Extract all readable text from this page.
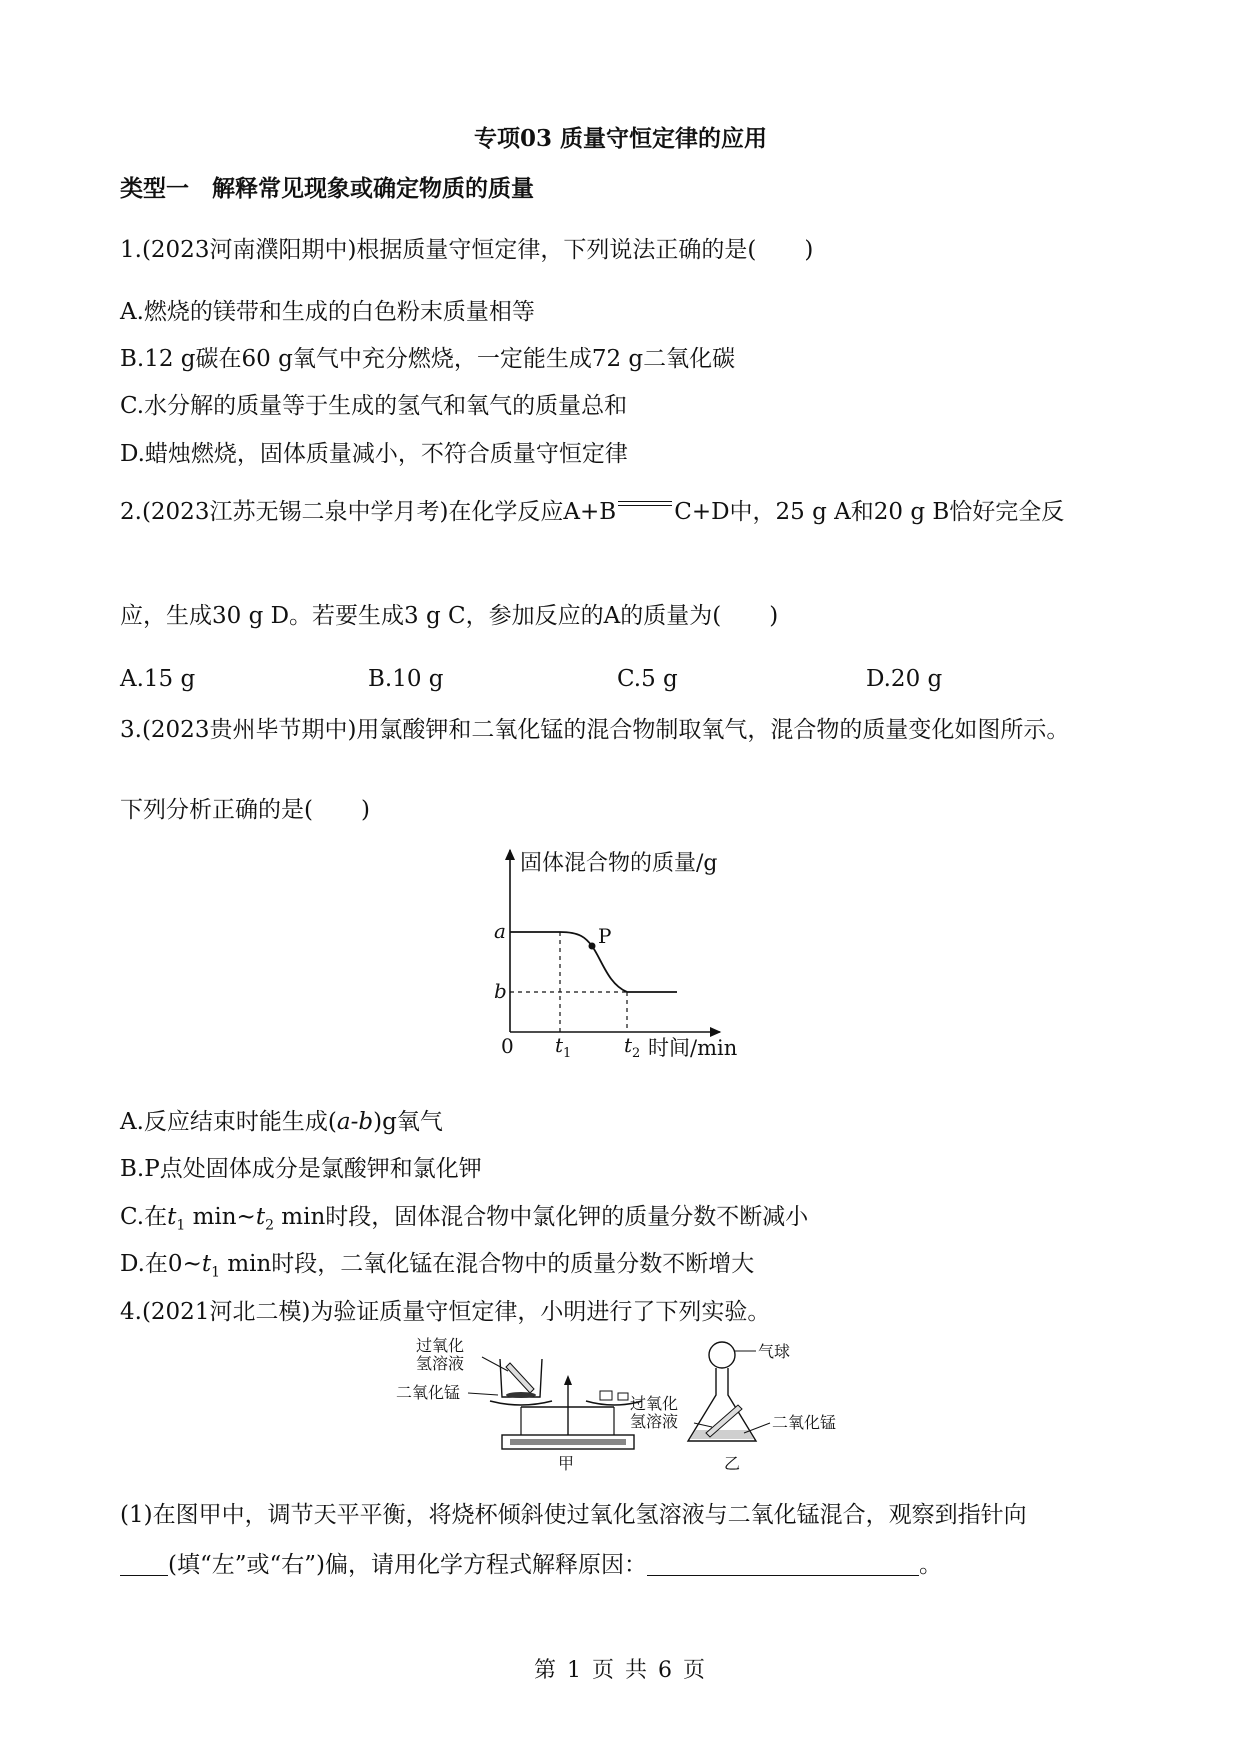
专项03 质量守恒定律的应用
类型一　解释常见现象或确定物质的质量
1.(2023河南濮阳期中)根据质量守恒定律，下列说法正确的是( )
A.燃烧的镁带和生成的白色粉末质量相等
B.12 g碳在60 g氧气中充分燃烧，一定能生成72 g二氧化碳
C.水分解的质量等于生成的氢气和氧气的质量总和
D.蜡烛燃烧，固体质量减小，不符合质量守恒定律
2.(2023江苏无锡二泉中学月考)在化学反应A+B	C+D中，25 g A和20 g B恰好完全反
应，生成30 g D。若要生成3 g C，参加反应的A的质量为( )
A.15 g	B.10 g	C.5 g	D.20 g
3.(2023贵州毕节期中)用氯酸钾和二氧化锰的混合物制取氧气，混合物的质量变化如图所示。
下列分析正确的是( )
固体混合物的质量/g
时间/min
0
a
b
$t_1$	$t_2$
P
A.反应结束时能生成(a-b)g氧气
B.P点处固体成分是氯酸钾和氯化钾
C.在$t_1$ $\min\sim t_2$ min时段，固体混合物中氯化钾的质量分数不断减小
D.在$0\sim t_1$ min时段，二氧化锰在混合物中的质量分数不断增大
4.(2021河北二模)为验证质量守恒定律，小明进行了下列实验。
过氧化
氢溶液
二氧化锰
甲
气球
过氧化
氢溶液	二氧化锰
乙
(1)在图甲中，调节天平平衡，将烧杯倾斜使过氧化氢溶液与二氧化锰混合，观察到指针向
(填“左”或“右”)偏，请用化学方程式解释原因：	。
第 1 页 共 6 页
